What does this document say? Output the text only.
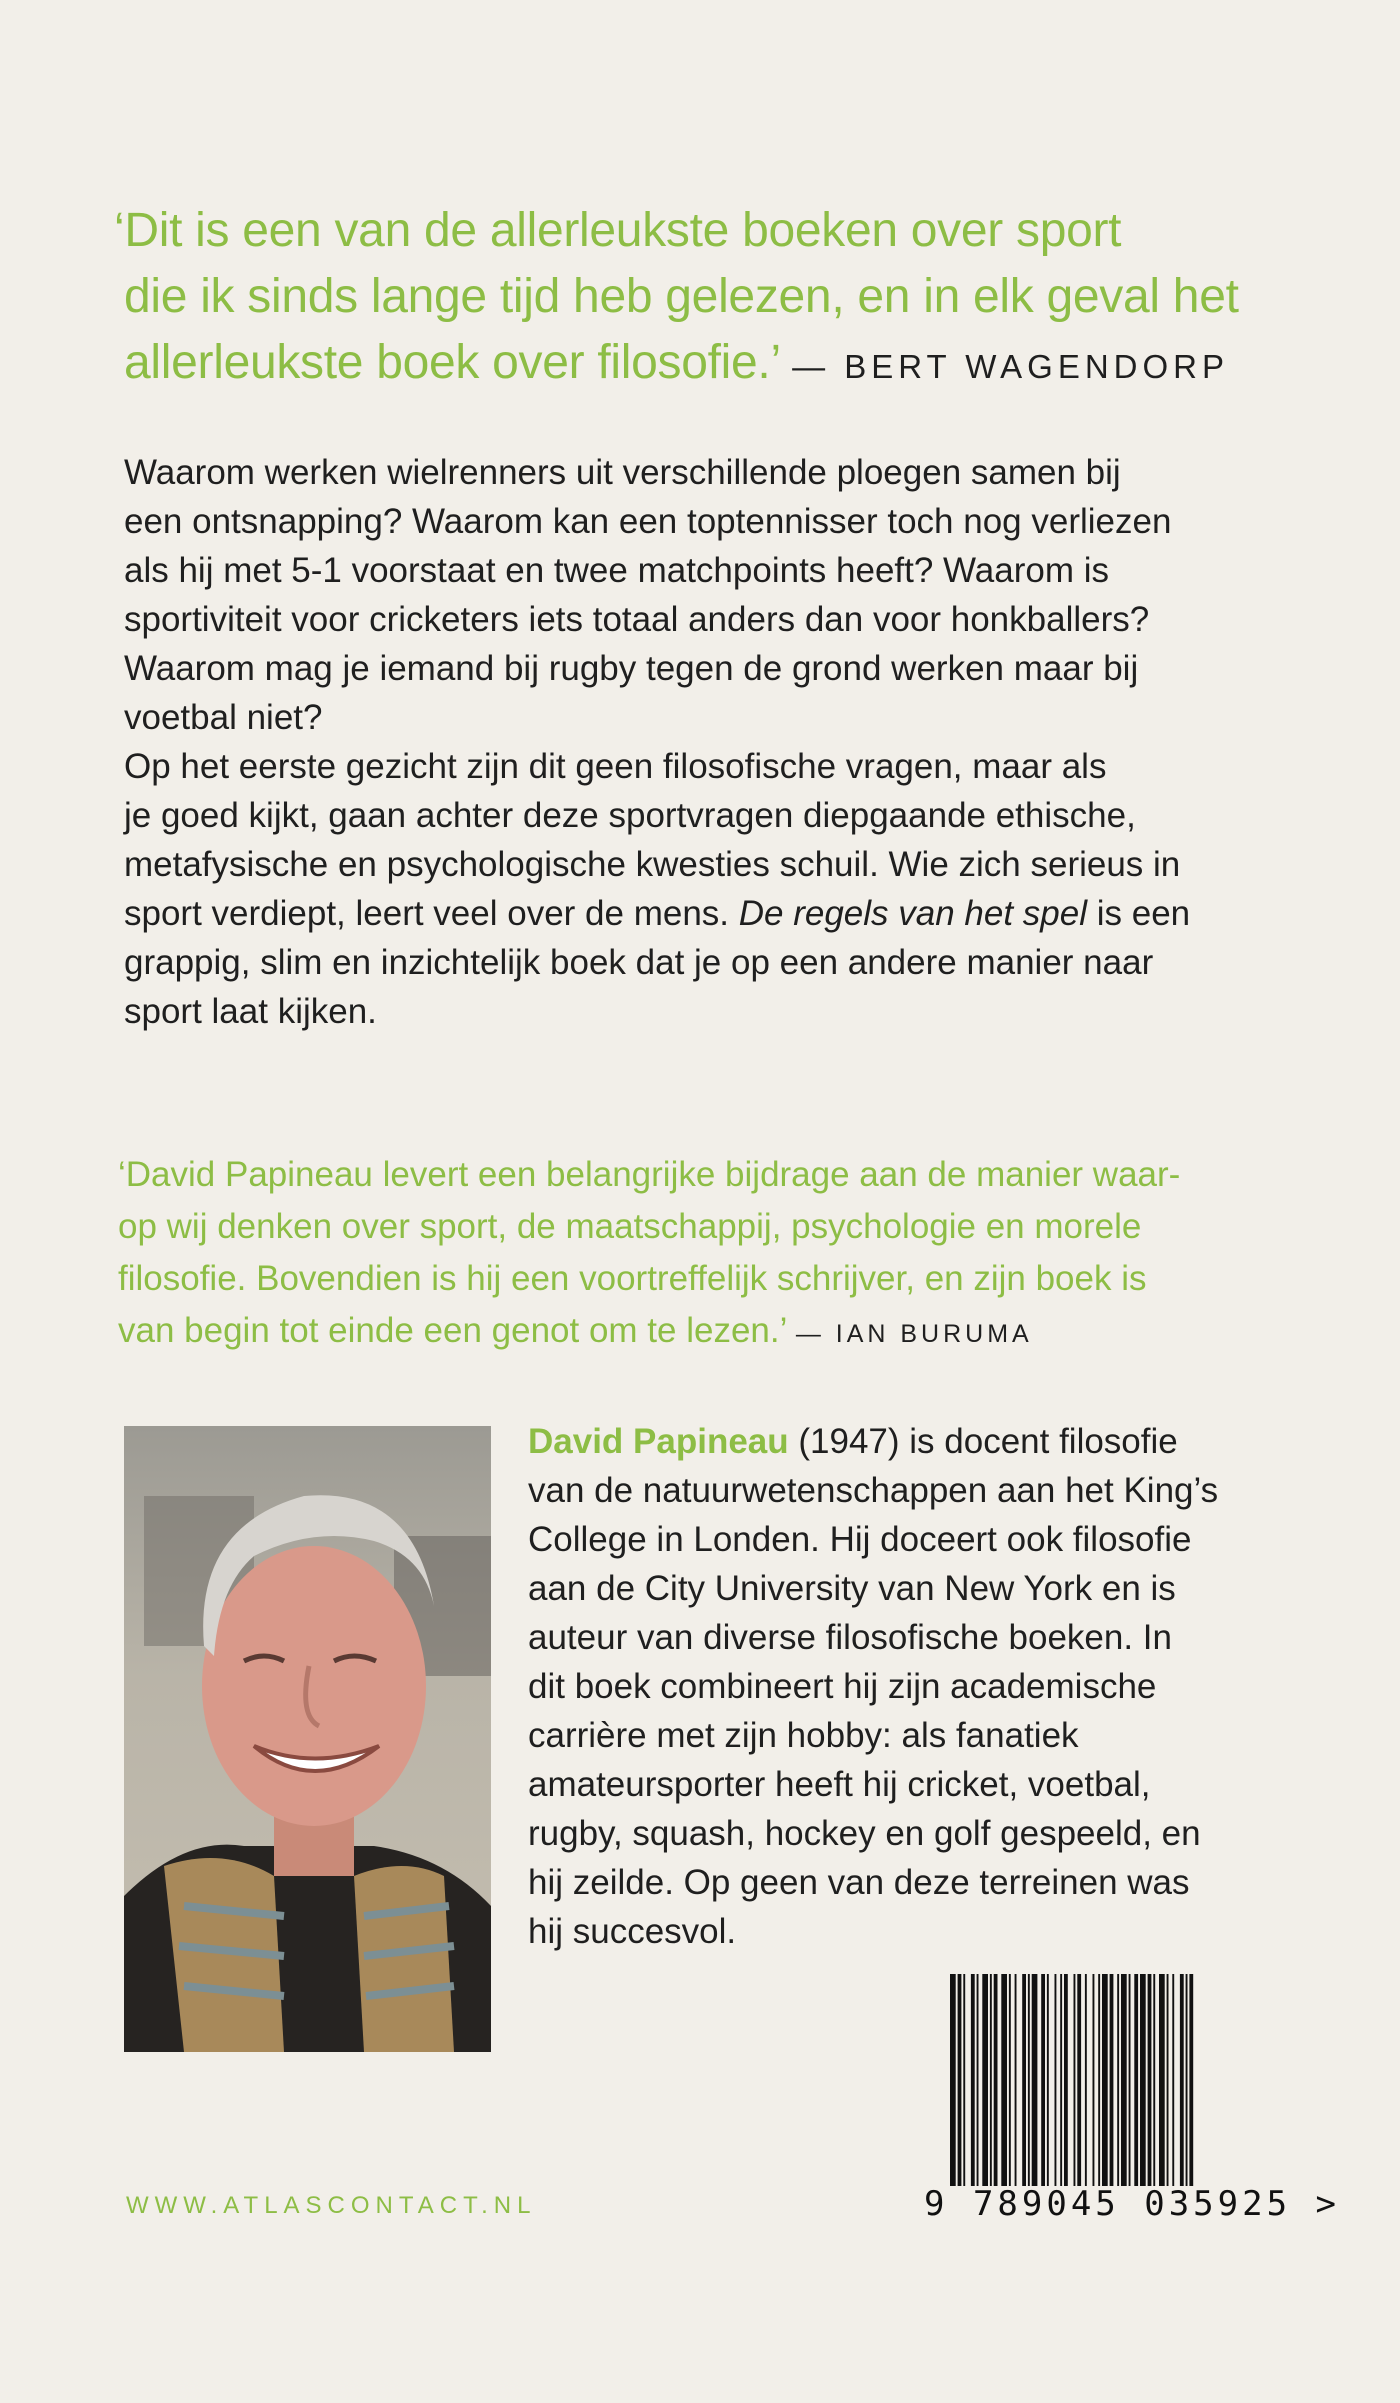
‘Dit is een van de allerleukste boeken over sport
die ik sinds lange tijd heb gelezen, en in elk geval het
allerleukste boek over filosofie.’ — BERT WAGENDORP
Waarom werken wielrenners uit verschillende ploegen samen bij
een ontsnapping? Waarom kan een toptennisser toch nog verliezen
als hij met 5-1 voorstaat en twee matchpoints heeft? Waarom is
sportiviteit voor cricketers iets totaal anders dan voor honkballers?
Waarom mag je iemand bij rugby tegen de grond werken maar bij
voetbal niet?
Op het eerste gezicht zijn dit geen filosofische vragen, maar als
je goed kijkt, gaan achter deze sportvragen diepgaande ethische,
metafysische en psychologische kwesties schuil. Wie zich serieus in
sport verdiept, leert veel over de mens. De regels van het spel is een
grappig, slim en inzichtelijk boek dat je op een andere manier naar
sport laat kijken.
‘David Papineau levert een belangrijke bijdrage aan de manier waar-
op wij denken over sport, de maatschappij, psychologie en morele
filosofie. Bovendien is hij een voortreffelijk schrijver, en zijn boek is
van begin tot einde een genot om te lezen.’ — IAN BURUMA
David Papineau (1947) is docent filosofie
van de natuurwetenschappen aan het King’s
College in Londen. Hij doceert ook filosofie
aan de City University van New York en is
auteur van diverse filosofische boeken. In
dit boek combineert hij zijn academische
carrière met zijn hobby: als fanatiek
amateursporter heeft hij cricket, voetbal,
rugby, squash, hockey en golf gespeeld, en
hij zeilde. Op geen van deze terreinen was
hij succesvol.
9 789045 035925 >
WWW.ATLASCONTACT.NL
